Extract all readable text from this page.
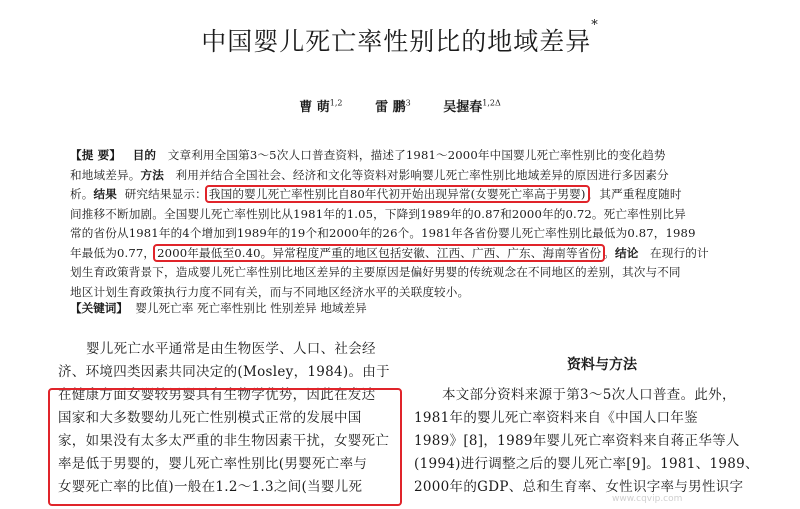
中国婴儿死亡率性别比的地域差异*
曹 萌$^{1,2}$	雷 鹏$^3$	吴握春$^{1,2\Delta}$
【提 要】 目的 文章利用全国第3～5次人口普查资料，描述了1981～2000年中国婴儿死亡率性别比的变化趋势
和地域差异。方法 利用并结合全国社会、经济和文化等资料对影响婴儿死亡率性别比地域差异的原因进行多因素分
析。结果 研究结果显示： 我国的婴儿死亡率性别比自80年代初开始出现异常(女婴死亡率高于男婴) ，其严重程度随时
间推移不断加剧。全国婴儿死亡率性别比从1981年的1.05，下降到1989年的0.87和2000年的0.72。死亡率性别比异
常的省份从1981年的4个增加到1989年的19个和2000年的26个。1981年各省份婴儿死亡率性别比最低为0.87，1989
年最低为0.77， 2000年最低至0.40。异常程度严重的地区包括安徽、江西、广西、广东、海南等省份 。结论 在现行的计
划生育政策背景下，造成婴儿死亡率性别比地区差异的主要原因是偏好男婴的传统观念在不同地区的差别，其次与不同
地区计划生育政策执行力度不同有关，而与不同地区经济水平的关联度较小。
【关键词】 婴儿死亡率 死亡率性别比 性别差异 地域差异
婴儿死亡水平通常是由生物医学、人口、社会经
济、环境四类因素共同决定的(Mosley，1984)。由于
在健康方面女婴较男婴具有生物学优势，因此在发达
国家和大多数婴幼儿死亡性别模式正常的发展中国
家，如果没有太多太严重的非生物因素干扰，女婴死亡
率是低于男婴的，婴儿死亡率性别比(男婴死亡率与
女婴死亡率的比值)一般在1.2～1.3之间(当婴儿死
资料与方法
本文部分资料来源于第3～5次人口普查。此外，
1981年的婴儿死亡率资料来自《中国人口年鉴
1989》[8]，1989年婴儿死亡率资料来自蒋正华等人
(1994)进行调整之后的婴儿死亡率[9]。1981、1989、
2000年的GDP、总和生育率、女性识字率与男性识字
www.cqvip.com
